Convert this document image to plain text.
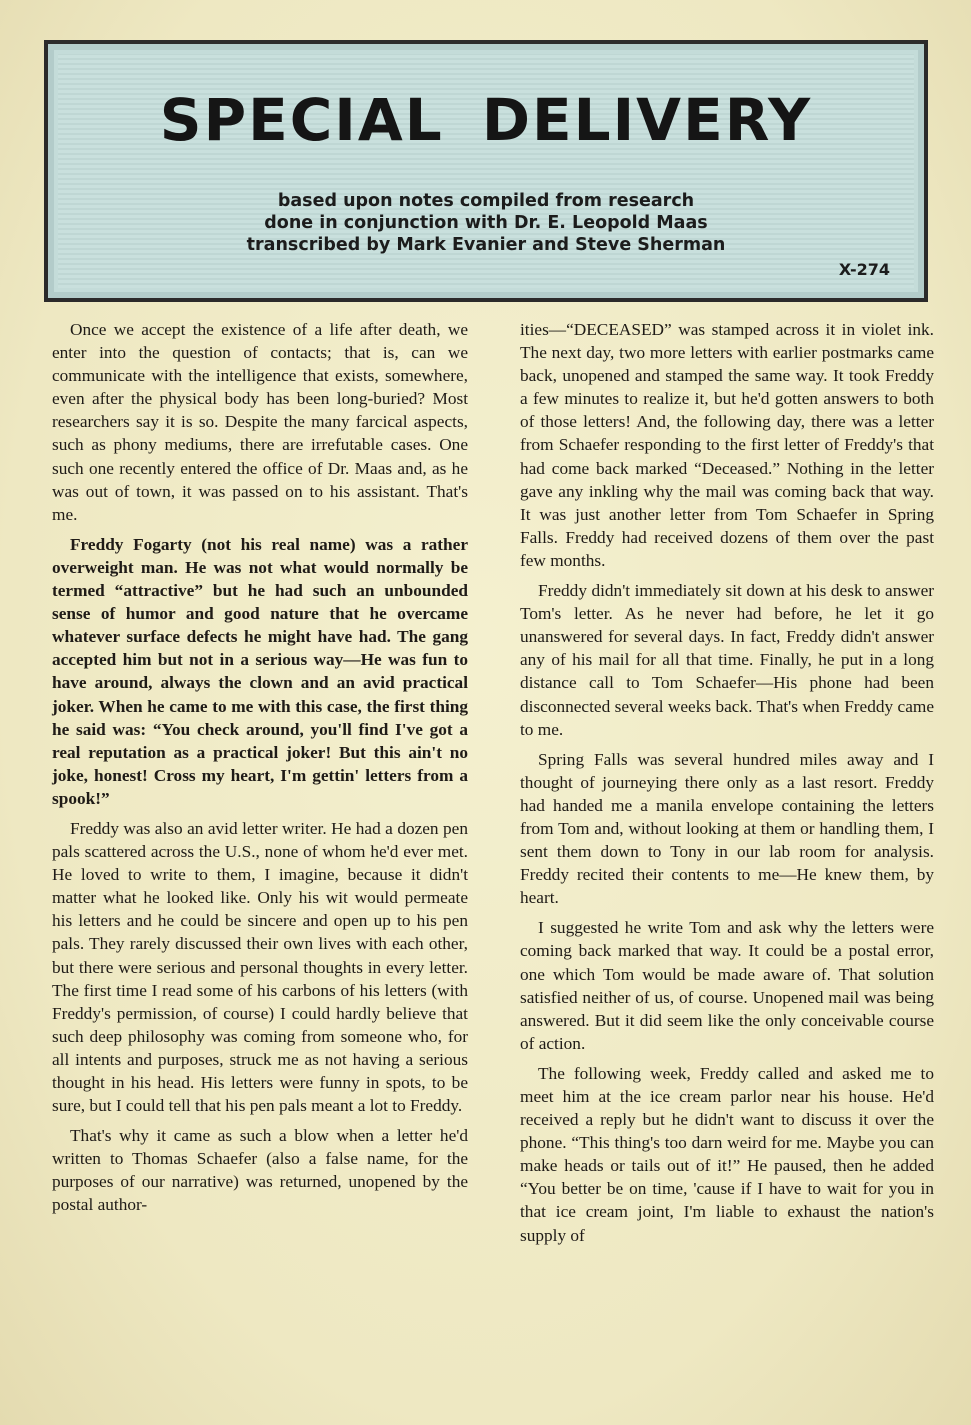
SPECIAL DELIVERY
based upon notes compiled from research
done in conjunction with Dr. E. Leopold Maas
transcribed by Mark Evanier and Steve Sherman
X-274

Once we accept the existence of a life after death, we enter into the question of contacts; that is, can we communicate with the intelligence that exists, somewhere, even after the physical body has been long-buried? Most researchers say it is so. Despite the many farcical aspects, such as phony mediums, there are irrefutable cases. One such one recently entered the office of Dr. Maas and, as he was out of town, it was passed on to his assistant. That's me.

Freddy Fogarty (not his real name) was a rather overweight man. He was not what would normally be termed “attractive” but he had such an unbounded sense of humor and good nature that he overcame whatever surface defects he might have had. The gang accepted him but not in a serious way—He was fun to have around, always the clown and an avid practical joker. When he came to me with this case, the first thing he said was: “You check around, you'll find I've got a real reputation as a practical joker! But this ain't no joke, honest! Cross my heart, I'm gettin' letters from a spook!”

Freddy was also an avid letter writer. He had a dozen pen pals scattered across the U.S., none of whom he'd ever met. He loved to write to them, I imagine, because it didn't matter what he looked like. Only his wit would permeate his letters and he could be sincere and open up to his pen pals. They rarely discussed their own lives with each other, but there were serious and personal thoughts in every letter. The first time I read some of his carbons of his letters (with Freddy's permission, of course) I could hardly believe that such deep philosophy was coming from someone who, for all intents and purposes, struck me as not having a serious thought in his head. His letters were funny in spots, to be sure, but I could tell that his pen pals meant a lot to Freddy.

That's why it came as such a blow when a letter he'd written to Thomas Schaefer (also a false name, for the purposes of our narrative) was returned, unopened by the postal author-

ities—“DECEASED” was stamped across it in violet ink. The next day, two more letters with earlier postmarks came back, unopened and stamped the same way. It took Freddy a few minutes to realize it, but he'd gotten answers to both of those letters! And, the following day, there was a letter from Schaefer responding to the first letter of Freddy's that had come back marked “Deceased.” Nothing in the letter gave any inkling why the mail was coming back that way. It was just another letter from Tom Schaefer in Spring Falls. Freddy had received dozens of them over the past few months.

Freddy didn't immediately sit down at his desk to answer Tom's letter. As he never had before, he let it go unanswered for several days. In fact, Freddy didn't answer any of his mail for all that time. Finally, he put in a long distance call to Tom Schaefer—His phone had been disconnected several weeks back. That's when Freddy came to me.

Spring Falls was several hundred miles away and I thought of journeying there only as a last resort. Freddy had handed me a manila envelope containing the letters from Tom and, without looking at them or handling them, I sent them down to Tony in our lab room for analysis. Freddy recited their contents to me—He knew them, by heart.

I suggested he write Tom and ask why the letters were coming back marked that way. It could be a postal error, one which Tom would be made aware of. That solution satisfied neither of us, of course. Unopened mail was being answered. But it did seem like the only conceivable course of action.

The following week, Freddy called and asked me to meet him at the ice cream parlor near his house. He'd received a reply but he didn't want to discuss it over the phone. “This thing's too darn weird for me. Maybe you can make heads or tails out of it!” He paused, then he added “You better be on time, 'cause if I have to wait for you in that ice cream joint, I'm liable to exhaust the nation's supply of
